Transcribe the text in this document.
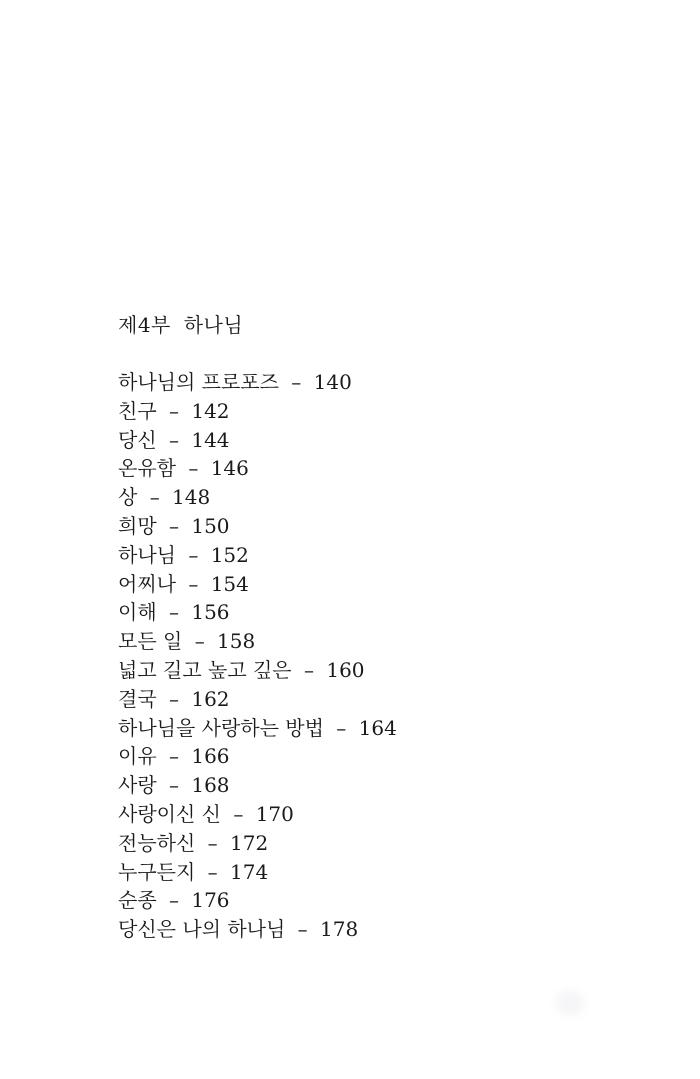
제4부 하나님
하나님의 프로포즈 – 140
친구 – 142
당신 – 144
온유함 – 146
상 – 148
희망 – 150
하나님 – 152
어찌나 – 154
이해 – 156
모든 일 – 158
넓고 길고 높고 깊은 – 160
결국 – 162
하나님을 사랑하는 방법 – 164
이유 – 166
사랑 – 168
사랑이신 신 – 170
전능하신 – 172
누구든지 – 174
순종 – 176
당신은 나의 하나님 – 178
